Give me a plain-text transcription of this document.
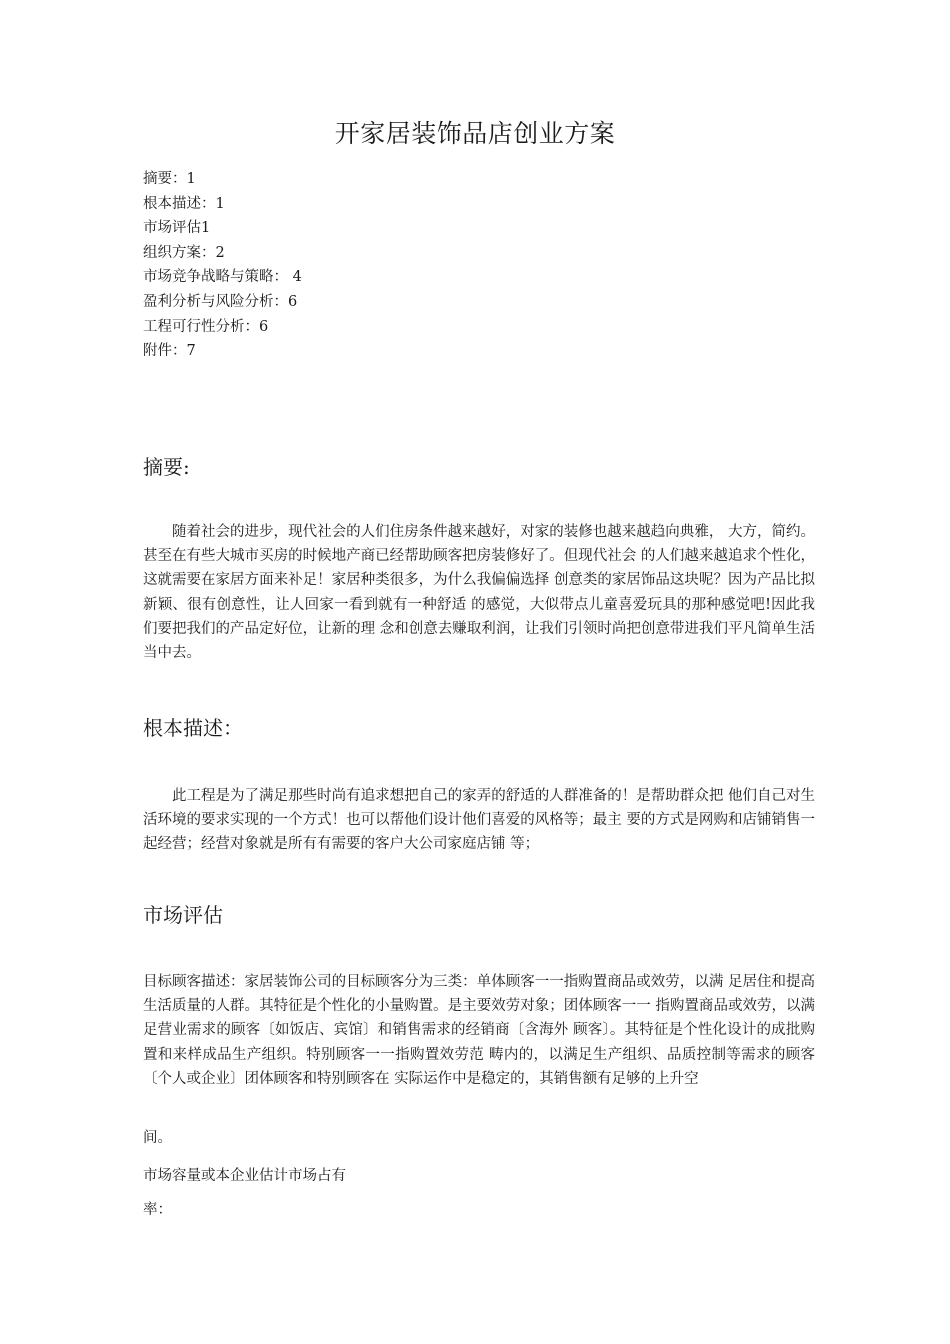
开家居装饰品店创业方案
摘要：1
根本描述：1
市场评估1
组织方案：2
市场竞争战略与策略： 4
盈利分析与风险分析：6
工程可行性分析：6
附件：7
摘要:
随着社会的进步，现代社会的人们住房条件越来越好，对家的装修也越来越趋向典雅， 大方，简约。甚至在有些大城市买房的时候地产商已经帮助顾客把房装修好了。但现代社会 的人们越来越追求个性化，这就需要在家居方面来补足！家居种类很多，为什么我偏偏选择 创意类的家居饰品这块呢？因为产品比拟新颖、很有创意性，让人回家一看到就有一种舒适 的感觉，大似带点儿童喜爱玩具的那种感觉吧!因此我们要把我们的产品定好位，让新的理 念和创意去赚取利润，让我们引领时尚把创意带进我们平凡简单生活当中去。
根本描述：
此工程是为了满足那些时尚有追求想把自己的家弄的舒适的人群准备的！是帮助群众把 他们自己对生活环境的要求实现的一个方式！也可以帮他们设计他们喜爱的风格等；最主 要的方式是网购和店铺销售一起经营；经营对象就是所有有需要的客户大公司家庭店铺 等；
市场评估
目标顾客描述：家居装饰公司的目标顾客分为三类：单体顾客一一指购置商品或效劳，以满 足居住和提高生活质量的人群。其特征是个性化的小量购置。是主要效劳对象；团体顾客一一 指购置商品或效劳，以满足营业需求的顾客〔如饭店、宾馆〕和销售需求的经销商〔含海外 顾客〕。其特征是个性化设计的成批购置和来样成品生产组织。特别顾客一一指购置效劳范 畴内的，以满足生产组织、品质控制等需求的顾客〔个人或企业〕团体顾客和特别顾客在 实际运作中是稳定的，其销售额有足够的上升空
间。
市场容量或本企业估计市场占有
率：
